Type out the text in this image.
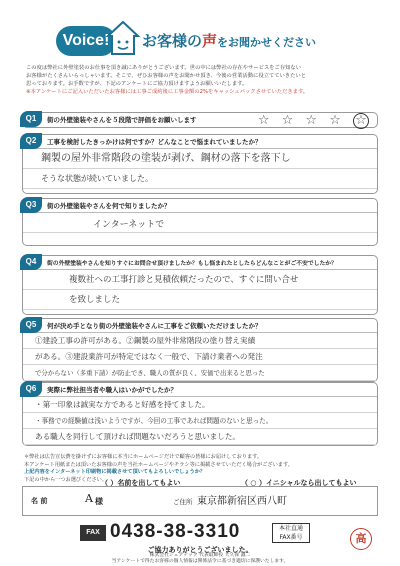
Voice!	お客様の声をお聞かせください
この度は弊社に外壁塗装のお仕事を頂き誠にありがとうございます。世の中には弊社の存在やサービスをご存知ない
お客様がたくさんいらっしゃいます。そこで、ぜひお客様の声をお聞かせ頂き、今後の営業活動に役立てていきたいと
思っております。お手数ですが、下記のアンケートにご協力頂けますようお願いいたします。
※本アンケートにご記入いただいたお客様には工事ご成約後に工事金額の2%をキャッシュバックさせていただきます。
Q1	街の外壁塗装やさんを５段階で評価をお願いします	☆ ☆ ☆ ☆ ☆
Q2	工事を検討したきっかけは何ですか？どんなことで悩まれていましたか？
鋼製の屋外非常階段の塗装が剥げ、鋼材の落下を落下し
そうな状態が続いていました。
Q3	街の外壁塗装やさんを何で知りましたか？
インターネットで
Q4	街の外壁塗装やさんを知りすぐにお問合せ頂けましたか？もし悩まれたとしたらどんなことがご不安でしたか？
複数社への工事打診と見積依頼だったので、すぐに問い合せ
を致しました
Q5	何が決め手となり街の外壁塗装やさんに工事をご依頼いただけましたか？
①建設工事の許可がある。②鋼製の屋外非常階段の塗り替え実績
がある。③建設業許可が特定ではなく一般で、下請け業者への発注
で分からない（多重下請）が防止でき、職人の質が良く、安価で出来ると思った
Q6	実際に弊社担当者や職人はいかがでしたか？
・第一印象は誠実な方であると好感を持てました。
・事務での経験値は浅いようですが、今回の工事であれば問題のないと思った。
ある職人を同行して頂ければ問題ないだろうと思いました。
＊弊社は広告宣伝費を掛けずにお客様に本当にホームページだけで顧客の皆様にお届けしております。
本アンケート用紙または頂いたお客様の声を当社ホームページやチラシ等に掲載させていただく場合がございます。
上記内容をインターネット印刷物に掲載させて頂いてもよろしいでしょうか？
下記の中から一つお選びください。
（ ）名前を出してもよい	（ ○ ）イニシャルなら出してもよい
名 前	A 様	ご住所 東京都新宿区西八町
FAX 0438-38-3310	本社直通
FAX番号	高
ご協力ありがとうございました。
株式会社シェアテック 代表取締役 大久保 誠二
当アンケートで得たお客様の個人情報は関係法令に基づき適切に保護いたします。
